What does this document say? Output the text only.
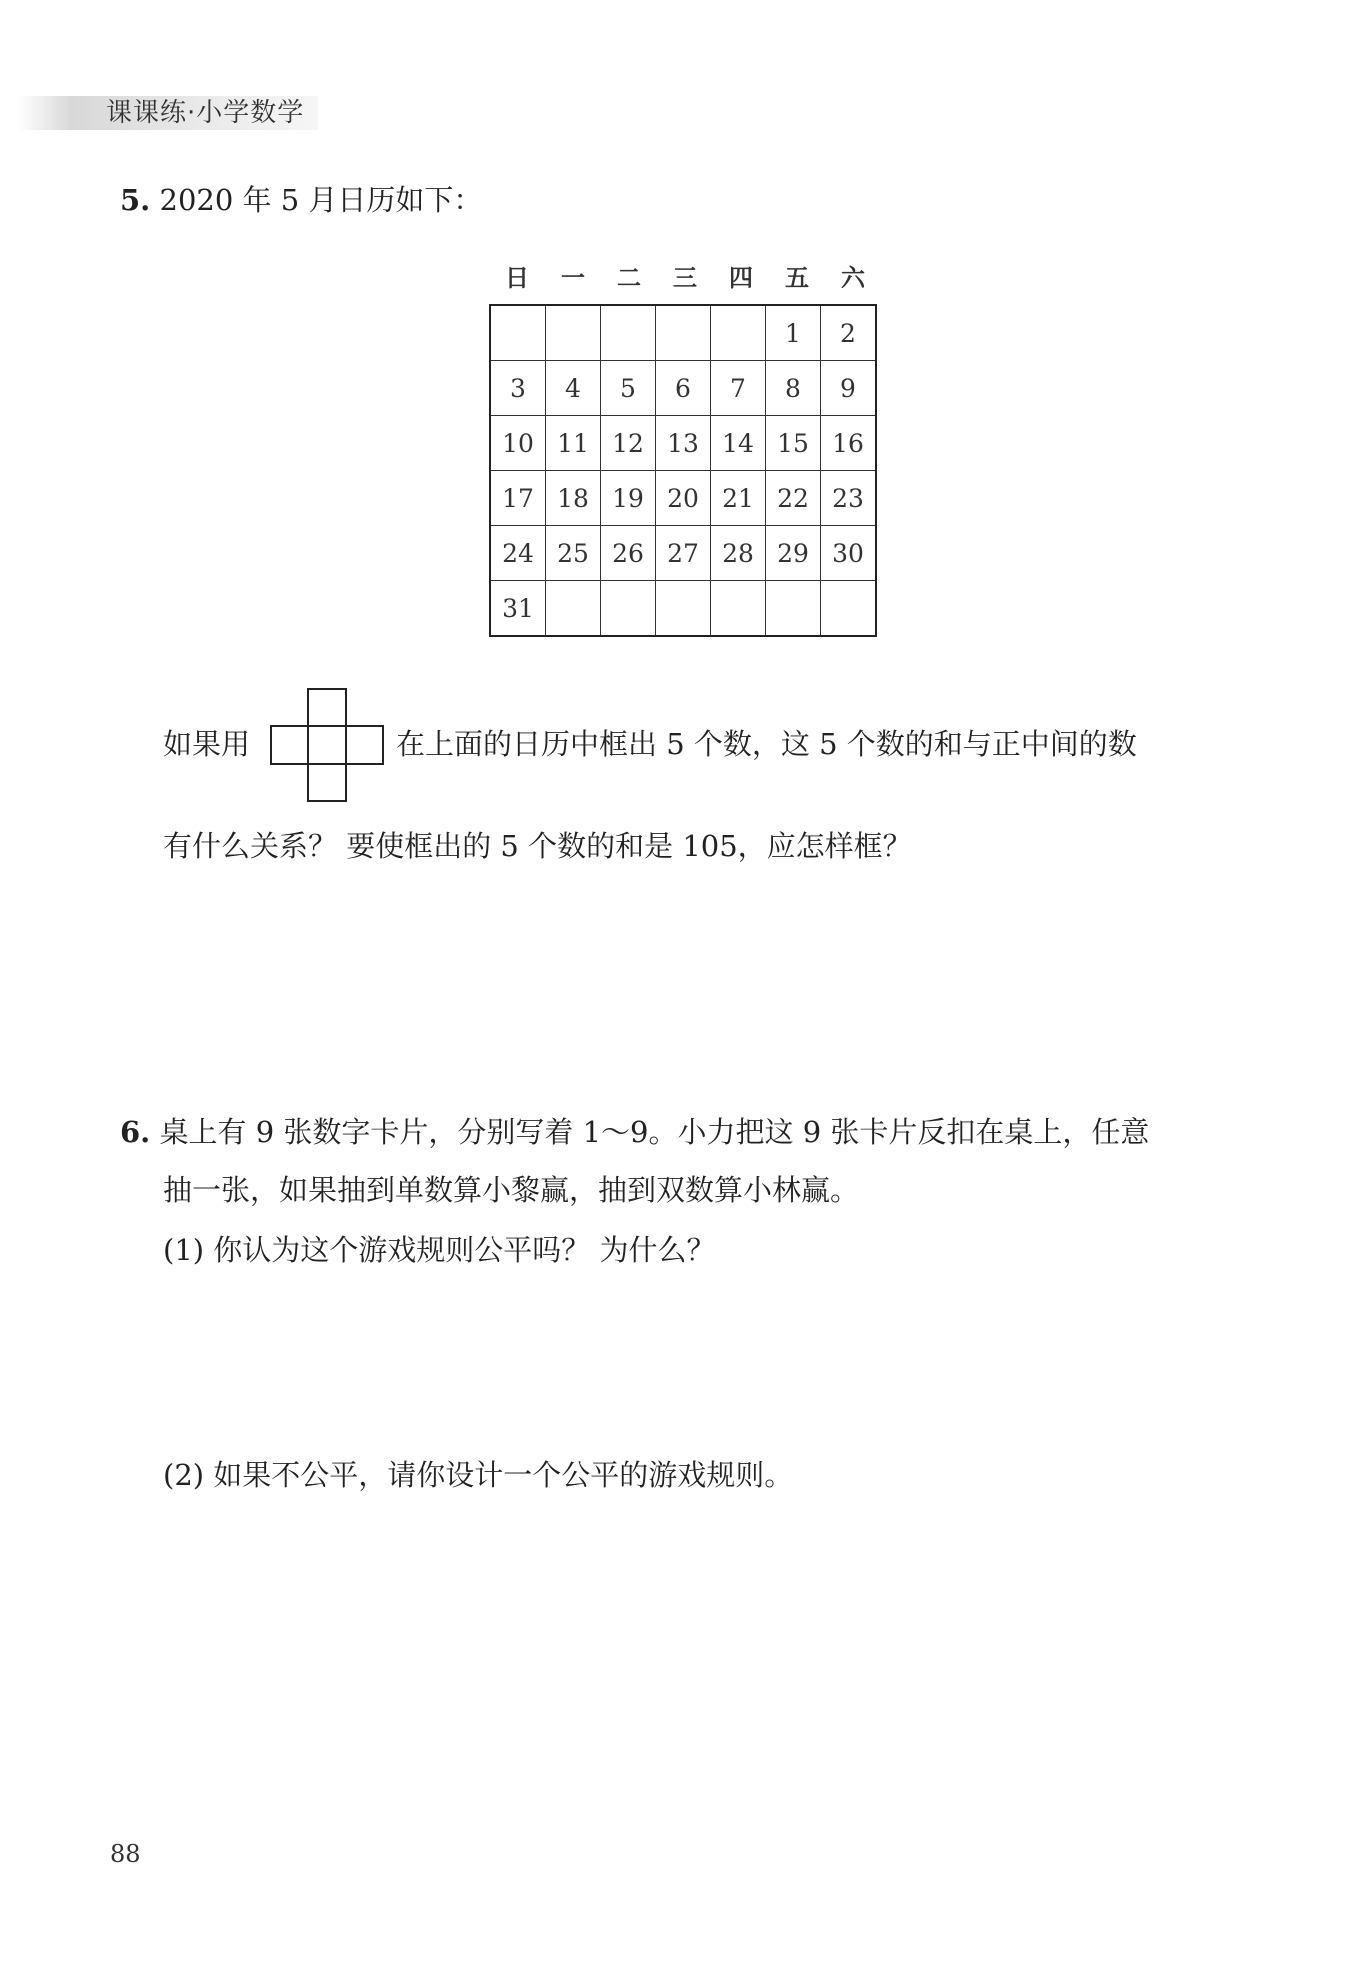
课课练·小学数学
5. 2020 年 5 月日历如下：
日	一	二	三	四	五	六
					1	2
3	4	5	6	7	8	9
10	11	12	13	14	15	16
17	18	19	20	21	22	23
24	25	26	27	28	29	30
31						
如果用	在上面的日历中框出 5 个数，这 5 个数的和与正中间的数
有什么关系？ 要使框出的 5 个数的和是 105，应怎样框？
6. 桌上有 9 张数字卡片，分别写着 1～9。小力把这 9 张卡片反扣在桌上，任意
抽一张，如果抽到单数算小黎赢，抽到双数算小林赢。
(1) 你认为这个游戏规则公平吗？ 为什么？
(2) 如果不公平，请你设计一个公平的游戏规则。
88
